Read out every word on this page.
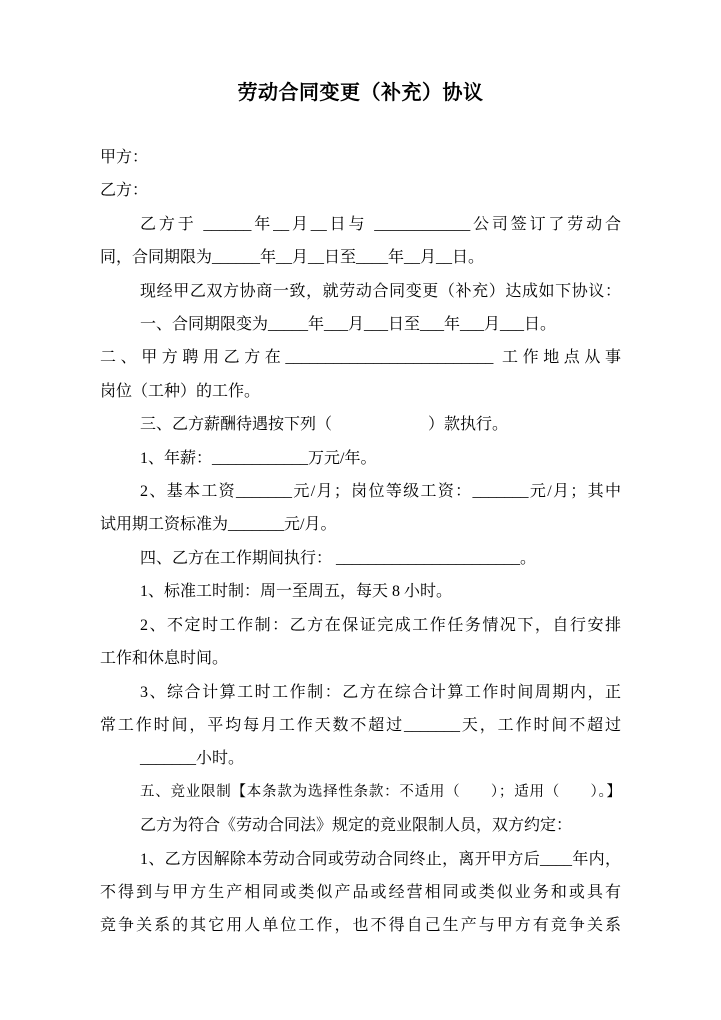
劳动合同变更（补充）协议

甲方：

乙方：

乙方于 ______年__月__日与 ____________公司签订了劳动合

同，合同期限为______年__月__日至____年__月__日。

现经甲乙双方协商一致，就劳动合同变更（补充）达成如下协议：

一、合同期限变为_____年___月___日至___年___月___日。

二、甲方聘用乙方在__________________________ 工作地点从事

岗位（工种）的工作。

三、乙方薪酬待遇按下列（　　　　　　）款执行。

1、年薪：____________万元/年。

2、基本工资_______元/月；岗位等级工资：_______元/月；其中

试用期工资标准为_______元/月。

四、乙方在工作期间执行： _______________________。

1、标准工时制：周一至周五，每天 8 小时。

2、不定时工作制：乙方在保证完成工作任务情况下，自行安排

工作和休息时间。

3、综合计算工时工作制：乙方在综合计算工作时间周期内，正

常工作时间，平均每月工作天数不超过_______天，工作时间不超过

_______小时。

五、竞业限制【本条款为选择性条款：不适用（　　）；适用（　　）。】

乙方为符合《劳动合同法》规定的竞业限制人员，双方约定：

1、乙方因解除本劳动合同或劳动合同终止，离开甲方后____年内，

不得到与甲方生产相同或类似产品或经营相同或类似业务和或具有

竞争关系的其它用人单位工作，也不得自己生产与甲方有竞争关系
